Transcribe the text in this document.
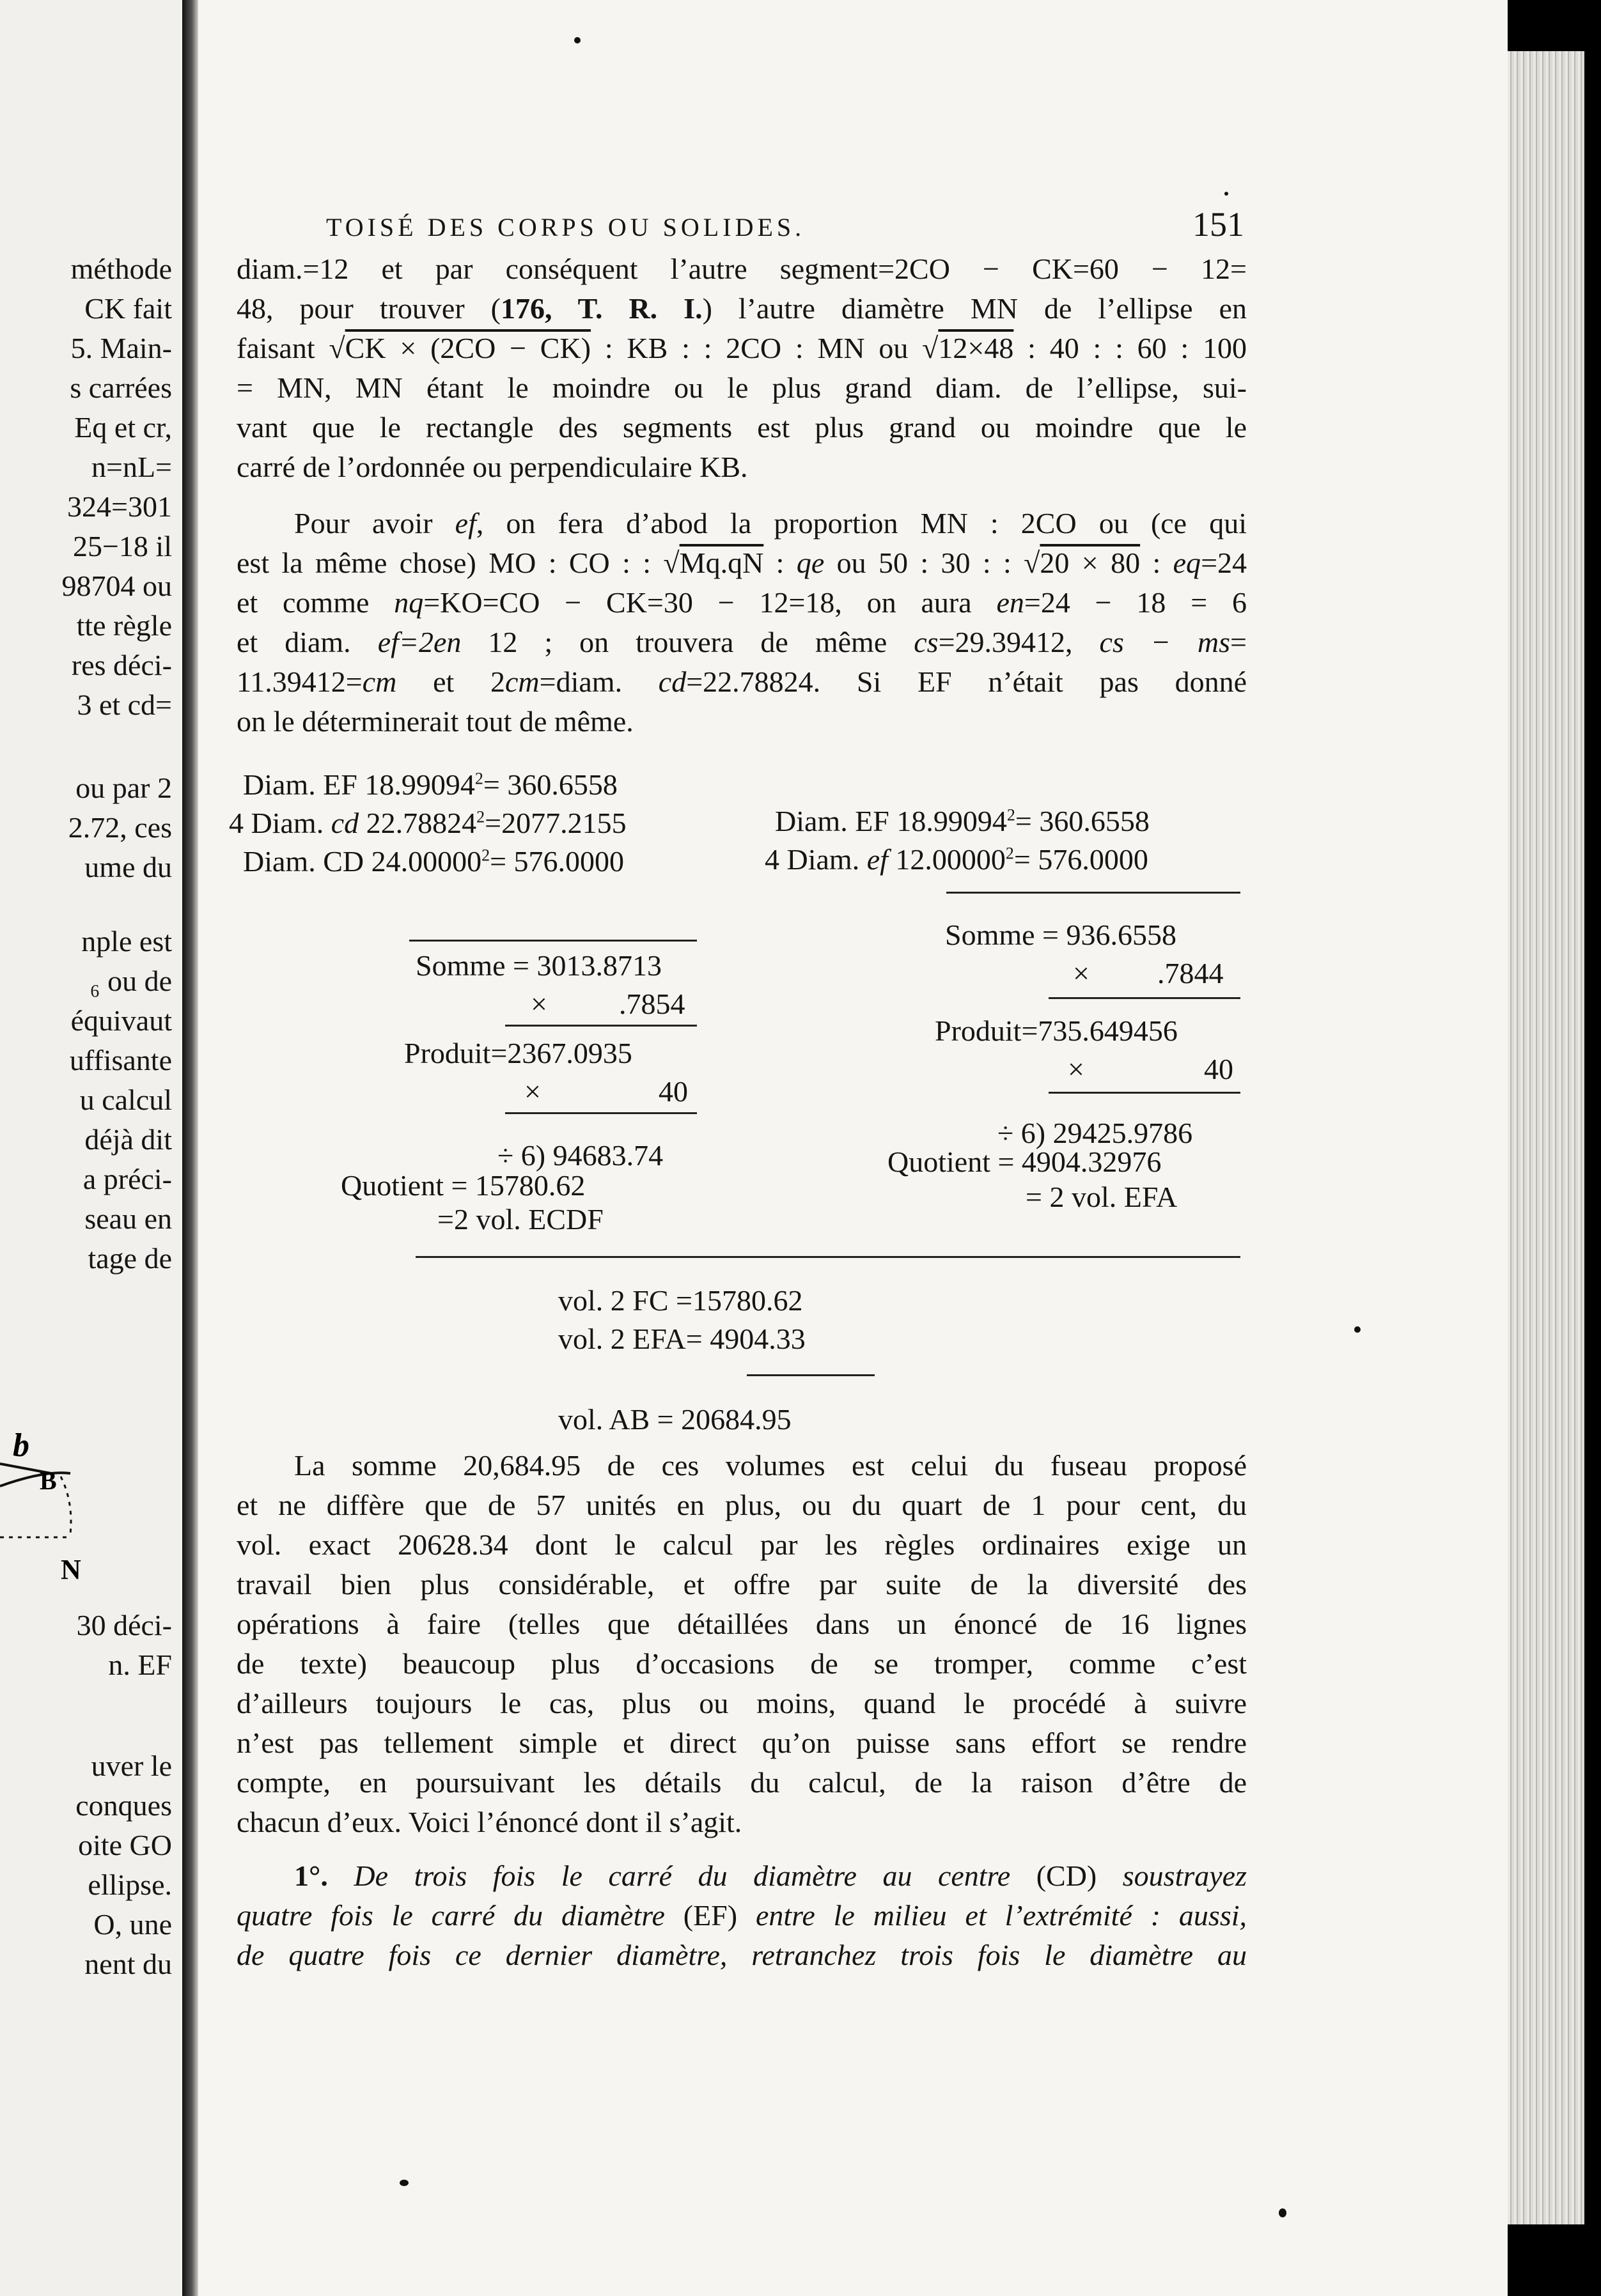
méthode
CK fait
5. Main-
s carrées
Eq et cr,
n=nL=
324=301
25−18 il
98704 ou
tte règle
res déci-
3 et cd=
ou par 2
2.72, ces
ume du
nple est
₆ ou de
équivaut
uffisante
u calcul
déjà dit
a préci-
seau en
tage de
30 déci-
n. EF
uver le
conques
oite GO
ellipse.
O, une
nent du
b
B
N
TOISÉ DES CORPS OU SOLIDES.	151
diam.=12 et par conséquent l’autre segment=2CO − CK=60 − 12=
48, pour trouver (176, T. R. I.) l’autre diamètre MN de l’ellipse en
faisant √CK × (2CO − CK) : KB : : 2CO : MN ou √12×48 : 40 : : 60 : 100
= MN, MN étant le moindre ou le plus grand diam. de l’ellipse, sui-
vant que le rectangle des segments est plus grand ou moindre que le
carré de l’ordonnée ou perpendiculaire KB.
Pour avoir ef, on fera d’abod la proportion MN : 2CO ou (ce qui
est la même chose) MO : CO : : √Mq.qN : qe ou 50 : 30 : : √20 × 80 : eq=24
et comme nq=KO=CO − CK=30 − 12=18, on aura en=24 − 18 = 6
et diam. ef=2en 12 ; on trouvera de même cs=29.39412, cs − ms=
11.39412=cm et 2cm=diam. cd=22.78824. Si EF n’était pas donné
on le déterminerait tout de même.
Diam. EF $18.99094^2= 360.6558$
4 Diam. cd $22.78824^2=2077.2155$
Diam. CD $24.00000^2= 576.0000$
Somme = 3013.8713
× .7854
Produit=2367.0935
×	40
÷ 6) 94683.74
Quotient = 15780.62
=2 vol. ECDF
Diam. EF $18.99094^2= 360.6558$
4 Diam. ef $12.00000^2= 576.0000$
Somme = 936.6558
× .7844
Produit=735.649456
×	40
÷ 6) 29425.9786
Quotient = 4904.32976
= 2 vol. EFA
vol. 2 FC =15780.62
vol. 2 EFA= 4904.33
vol. AB = 20684.95
La somme 20,684.95 de ces volumes est celui du fuseau proposé
et ne diffère que de 57 unités en plus, ou du quart de 1 pour cent, du
vol. exact 20628.34 dont le calcul par les règles ordinaires exige un
travail bien plus considérable, et offre par suite de la diversité des
opérations à faire (telles que détaillées dans un énoncé de 16 lignes
de texte) beaucoup plus d’occasions de se tromper, comme c’est
d’ailleurs toujours le cas, plus ou moins, quand le procédé à suivre
n’est pas tellement simple et direct qu’on puisse sans effort se rendre
compte, en poursuivant les détails du calcul, de la raison d’être de
chacun d’eux. Voici l’énoncé dont il s’agit.
1°. De trois fois le carré du diamètre au centre (CD) soustrayez
quatre fois le carré du diamètre (EF) entre le milieu et l’extrémité : aussi,
de quatre fois ce dernier diamètre, retranchez trois fois le diamètre au
